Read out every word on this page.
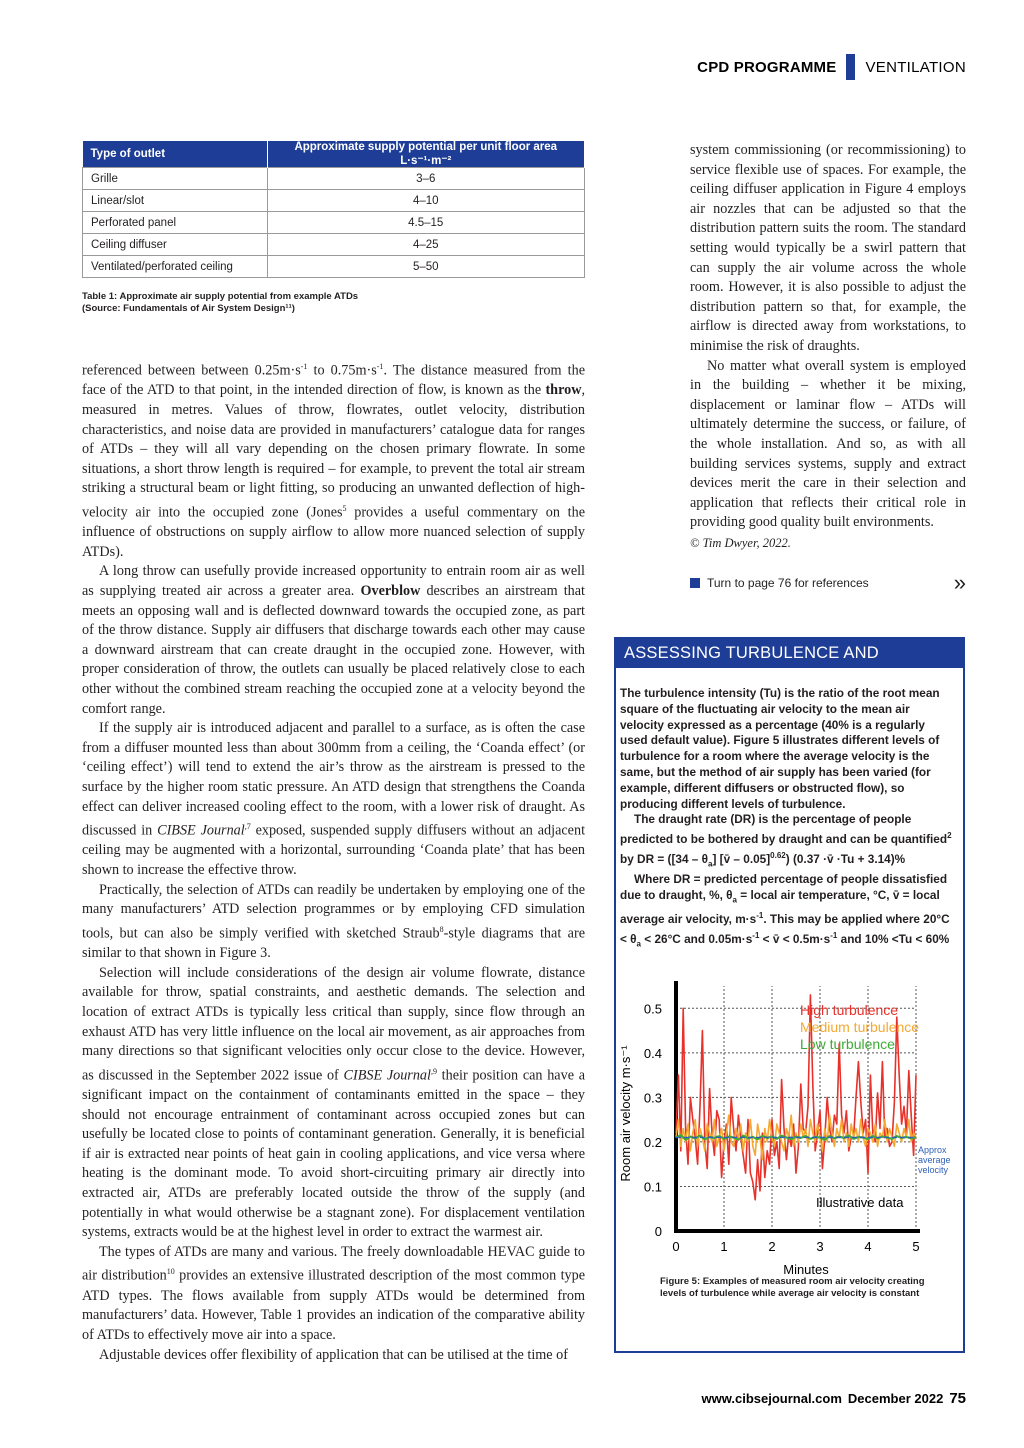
CPD PROGRAMME VENTILATION
Type of outlet	Approximate supply potential per unit floor area L·s⁻¹·m⁻²
Grille	3–6
Linear/slot	4–10
Perforated panel	4.5–15
Ceiling diffuser	4–25
Ventilated/perforated ceiling	5–50
Table 1: Approximate air supply potential from example ATDs
(Source: Fundamentals of Air System Design¹¹)

referenced between between $0.25m\cdot s^{-1}$ to $0.75m\cdot s^{-1}$. The distance measured from the face of the ATD to that point, in the intended direction of flow, is known as the throw, measured in metres. Values of throw, flowrates, outlet velocity, distribution characteristics, and noise data are provided in manufacturers’ catalogue data for ranges of ATDs – they will all vary depending on the chosen primary flowrate. In some situations, a short throw length is required – for example, to prevent the total air stream striking a structural beam or light fitting, so producing an unwanted deflection of high-velocity air into the occupied zone (Jones$^5$ provides a useful commentary on the influence of obstructions on supply airflow to allow more nuanced selection of supply ATDs).

A long throw can usefully provide increased opportunity to entrain room air as well as supplying treated air across a greater area. Overblow describes an airstream that meets an opposing wall and is deflected downward towards the occupied zone, as part of the throw distance. Supply air diffusers that discharge towards each other may cause a downward airstream that can create draught in the occupied zone. However, with proper consideration of throw, the outlets can usually be placed relatively close to each other without the combined stream reaching the occupied zone at a velocity beyond the comfort range.

If the supply air is introduced adjacent and parallel to a surface, as is often the case from a diffuser mounted less than about 300mm from a ceiling, the ‘Coanda effect’ (or ‘ceiling effect’) will tend to extend the air’s throw as the airstream is pressed to the surface by the higher room static pressure. An ATD design that strengthens the Coanda effect can deliver increased cooling effect to the room, with a lower risk of draught. As discussed in CIBSE Journal$^{,7}$ exposed, suspended supply diffusers without an adjacent ceiling may be augmented with a horizontal, surrounding ‘Coanda plate’ that has been shown to increase the effective throw.

Practically, the selection of ATDs can readily be undertaken by employing one of the many manufacturers’ ATD selection programmes or by employing CFD simulation tools, but can also be simply verified with sketched Straub$^8$-style diagrams that are similar to that shown in Figure 3.

Selection will include considerations of the design air volume flowrate, distance available for throw, spatial constraints, and aesthetic demands. The selection and location of extract ATDs is typically less critical than supply, since flow through an exhaust ATD has very little influence on the local air movement, as air approaches from many directions so that significant velocities only occur close to the device. However, as discussed in the September 2022 issue of CIBSE Journal$^{,9}$ their position can have a significant impact on the containment of contaminants emitted in the space – they should not encourage entrainment of contaminant across occupied zones but can usefully be located close to points of contaminant generation. Generally, it is beneficial if air is extracted near points of heat gain in cooling applications, and vice versa where heating is the dominant mode. To avoid short-circuiting primary air directly into extracted air, ATDs are preferably located outside the throw of the supply (and potentially in what would otherwise be a stagnant zone). For displacement ventilation systems, extracts would be at the highest level in order to extract the warmest air.

The types of ATDs are many and various. The freely downloadable HEVAC guide to air distribution$^{10}$ provides an extensive illustrated description of the most common type ATD types. The flows available from supply ATDs would be determined from manufacturers’ data. However, Table 1 provides an indication of the comparative ability of ATDs to effectively move air into a space.

Adjustable devices offer flexibility of application that can be utilised at the time of

system commissioning (or recommissioning) to service flexible use of spaces. For example, the ceiling diffuser application in Figure 4 employs air nozzles that can be adjusted so that the distribution pattern suits the room. The standard setting would typically be a swirl pattern that can supply the air volume across the whole room. However, it is also possible to adjust the distribution pattern so that, for example, the airflow is directed away from workstations, to minimise the risk of draughts.

No matter what overall system is employed in the building – whether it be mixing, displacement or laminar flow – ATDs will ultimately determine the success, or failure, of the whole installation. And so, as with all building services systems, supply and extract devices merit the care in their selection and application that reflects their critical role in providing good quality built environments.

© Tim Dwyer, 2022.

Turn to page 76 for references	»
ASSESSING TURBULENCE AND DRAUGHT

The turbulence intensity (Tu) is the ratio of the root mean square of the fluctuating air velocity to the mean air velocity expressed as a percentage (40% is a regularly used default value). Figure 5 illustrates different levels of turbulence for a room where the average velocity is the same, but the method of air supply has been varied (for example, different diffusers or obstructed flow), so producing different levels of turbulence.

The draught rate (DR) is the percentage of people predicted to be bothered by draught and can be quantified$^2$ by DR = ($[34 - \theta_a]$ [v̄ – 0.05]$^{0.62}$) (0.37 ·v̄ ·Tu + 3.14)%

Where DR = predicted percentage of people dissatisfied due to draught, %, $\theta_a$ = local air temperature, °C, v̄ = local average air velocity, $m\cdot s^{-1}$. This may be applied where $20^\circ C < \theta_a < 26^\circ C$ and $0.05m\cdot s^{-1}$ < v̄ < $0.5m\cdot s^{-1}$ and 10% <Tu < 60%

0
0.1
0.2
0.3
0.4
0.5
0	1	2	3	4	5
Minutes
Room air velocity m·s⁻¹
High turbulence
Medium turbulence
Low turbulence
Approx
average
velocity
Illustrative data
Figure 5: Examples of measured room air velocity creating
levels of turbulence while average air velocity is constant
www.cibsejournal.com December 2022 75
